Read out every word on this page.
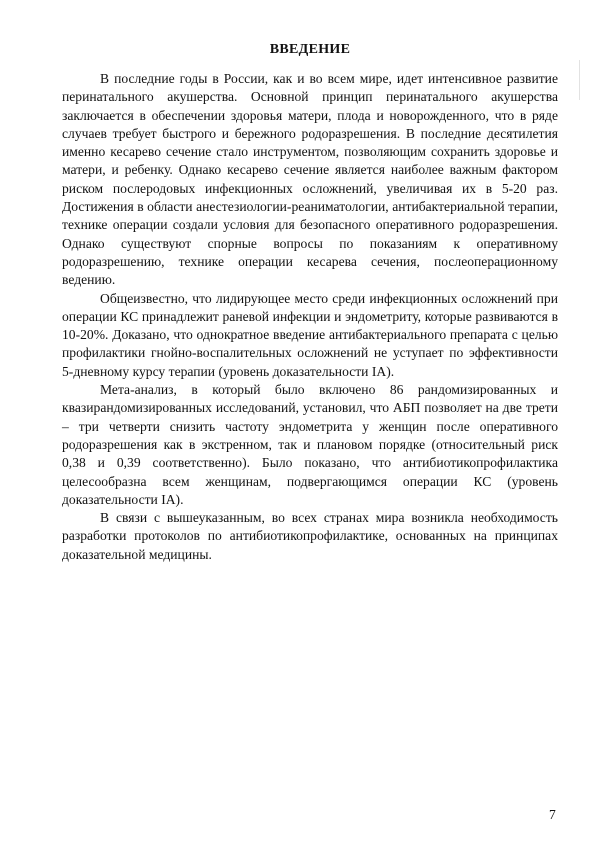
ВВЕДЕНИЕ

В последние годы в России, как и во всем мире, идет интенсивное развитие перинатального акушерства. Основной принцип перинатального акушерства заключается в обеспечении здоровья матери, плода и новорожденного, что в ряде случаев требует быстрого и бережного родоразрешения. В последние десятилетия именно кесарево сечение стало инструментом, позволяющим сохранить здоровье и матери, и ребенку. Однако кесарево сечение является наиболее важным фактором риском послеродовых инфекционных осложнений, увеличивая их в 5-20 раз. Достижения в области анестезиологии-реаниматологии, антибактериальной терапии, технике операции создали условия для безопасного оперативного родоразрешения. Однако существуют спорные вопросы по показаниям к оперативному родоразрешению, технике операции кесарева сечения, послеоперационному ведению.

Общеизвестно, что лидирующее место среди инфекционных осложнений при операции КС принадлежит раневой инфекции и эндометриту, которые развиваются в 10-20%. Доказано, что однократное введение антибактериального препарата с целью профилактики гнойно-воспалительных осложнений не уступает по эффективности 5-дневному курсу терапии (уровень доказательности IA).

Мета-анализ, в который было включено 86 рандомизированных и квазирандомизированных исследований, установил, что АБП позволяет на две трети – три четверти снизить частоту эндометрита у женщин после оперативного родоразрешения как в экстренном, так и плановом порядке (относительный риск 0,38 и 0,39 соответственно). Было показано, что антибиотикопрофилактика целесообразна всем женщинам, подвергающимся операции КС (уровень доказательности IA).

В связи с вышеуказанным, во всех странах мира возникла необходимость разработки протоколов по антибиотикопрофилактике, основанных на принципах доказательной медицины.

7
